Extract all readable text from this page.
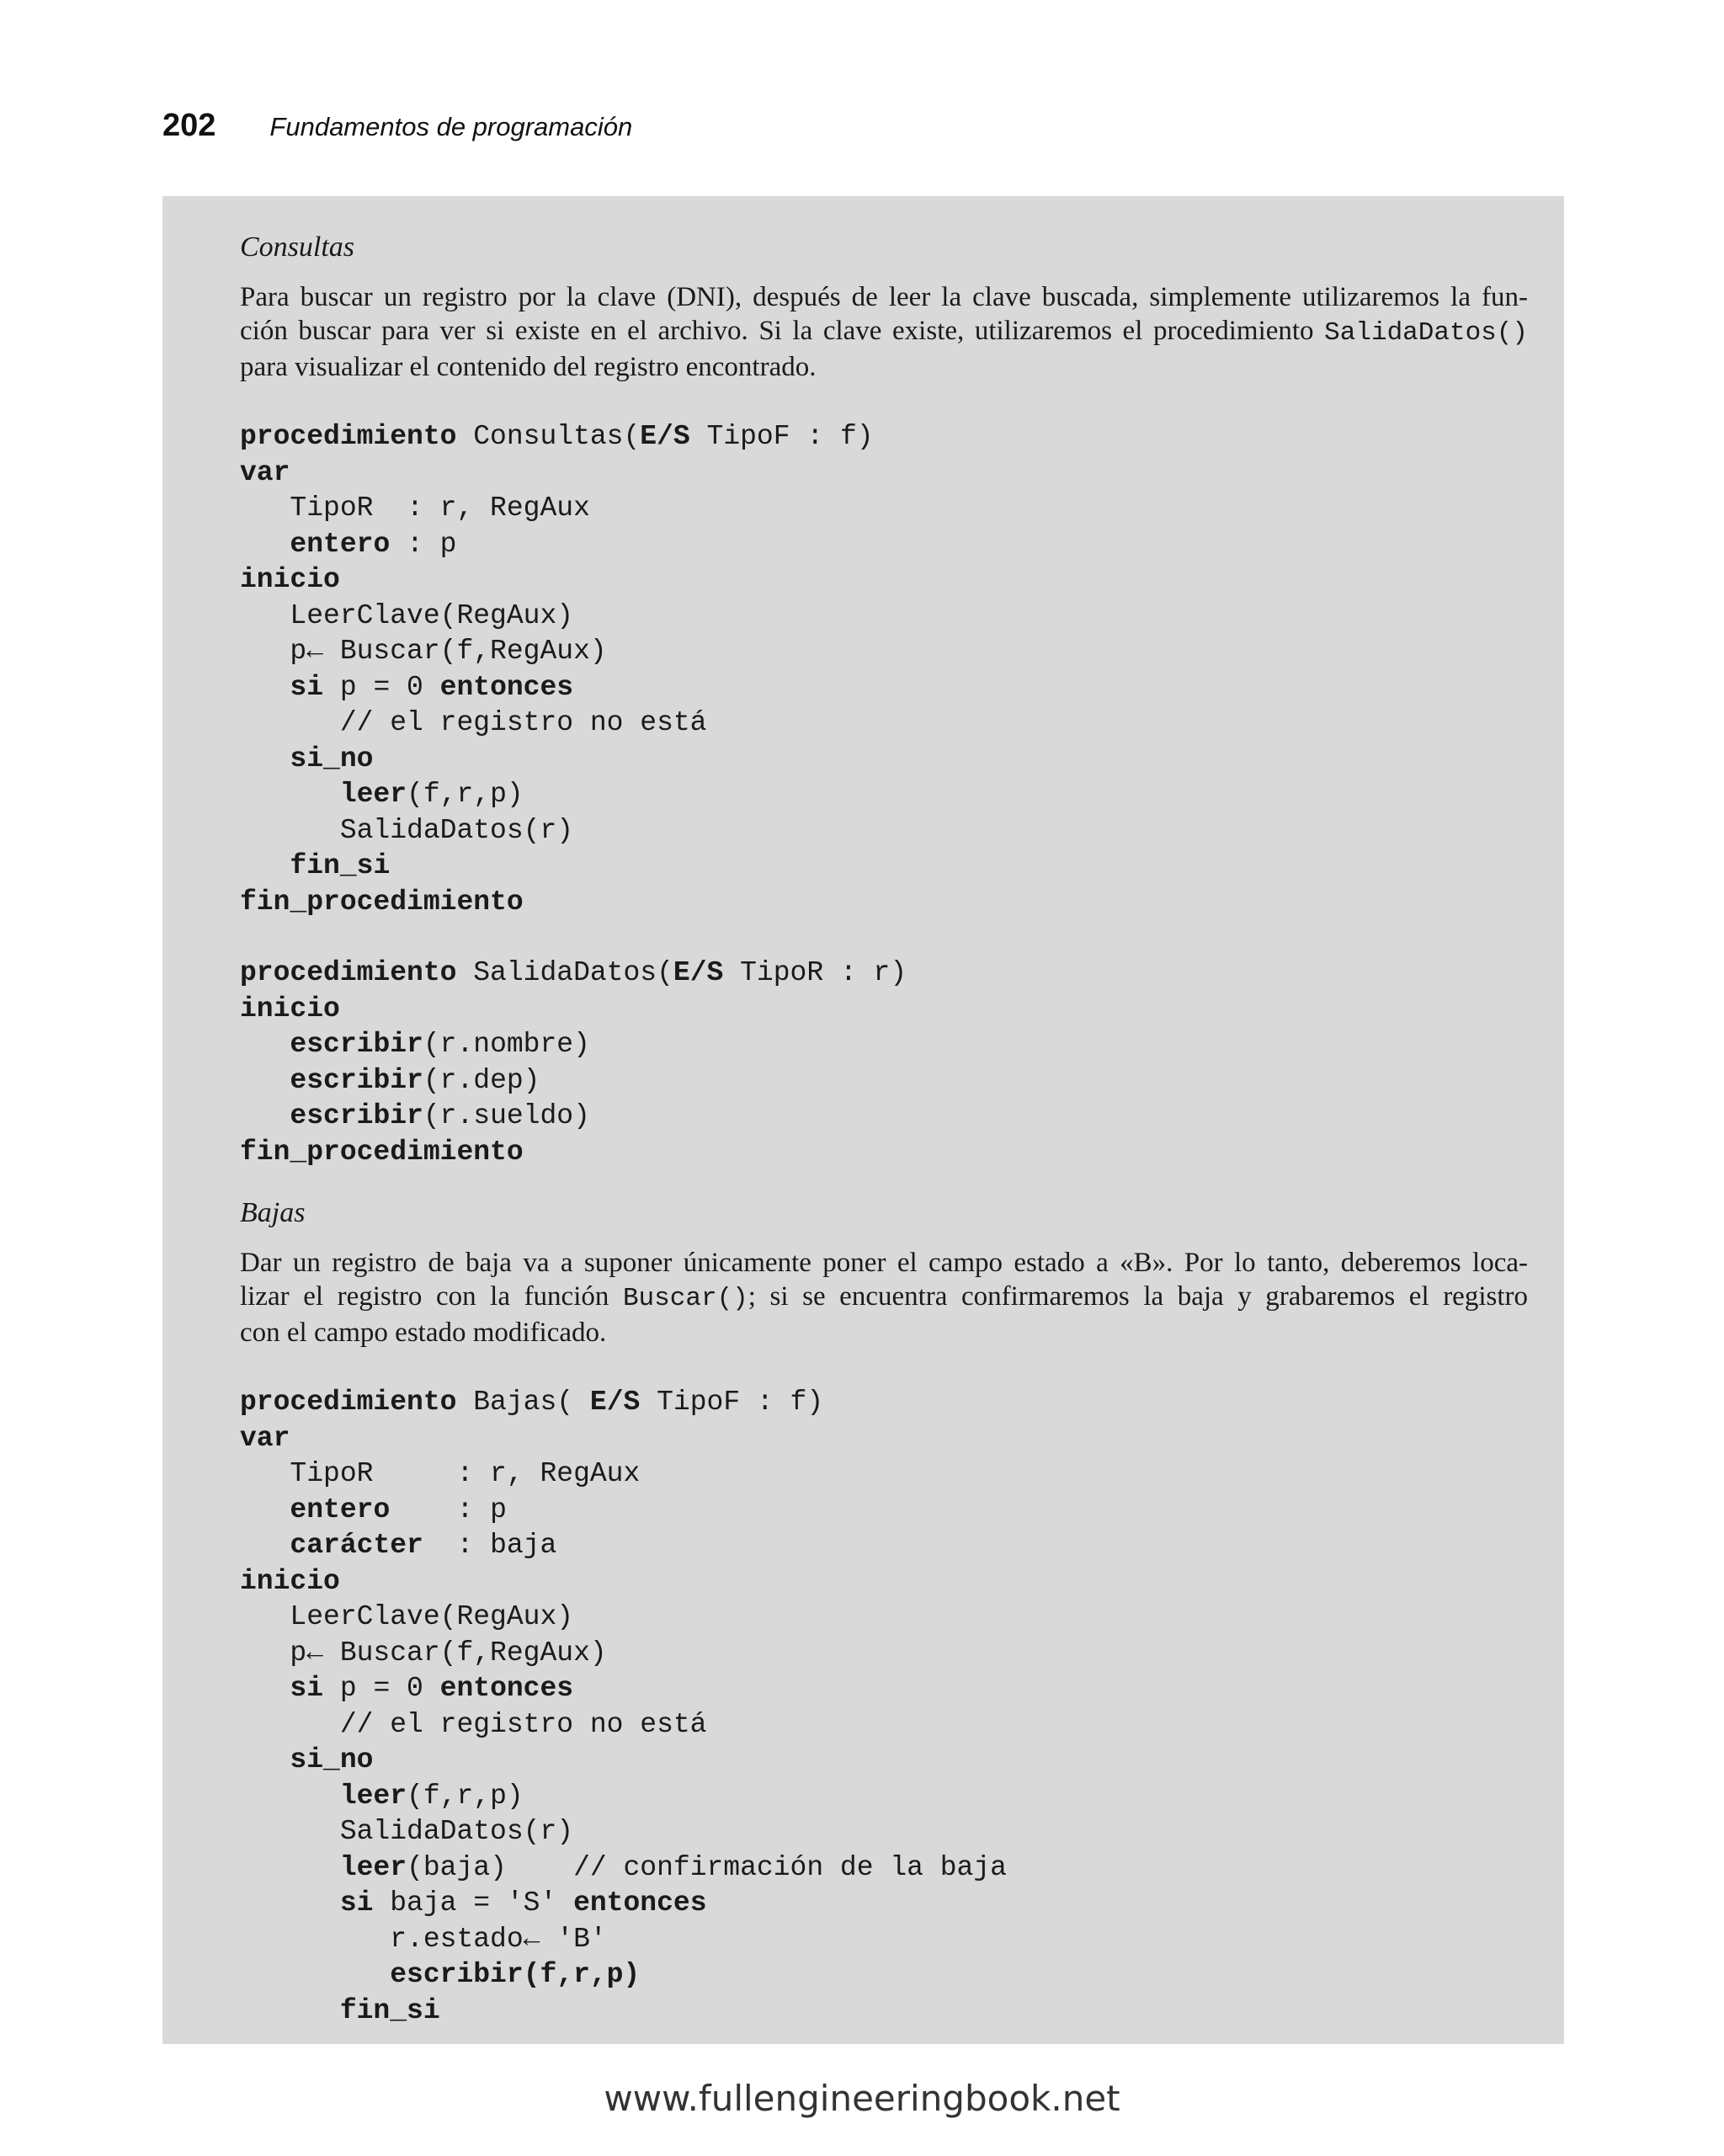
202 Fundamentos de programación
Consultas
Para buscar un registro por la clave (DNI), después de leer la clave buscada, simplemente utilizaremos la fun-
ción buscar para ver si existe en el archivo. Si la clave existe, utilizaremos el procedimiento SalidaDatos()
para visualizar el contenido del registro encontrado.
procedimiento Consultas(E/S TipoF : f)
var
TipoR  : r, RegAux
entero : p
inicio
LeerClave(RegAux)
p← Buscar(f,RegAux)
si p = 0 entonces
// el registro no está
si_no
leer(f,r,p)
SalidaDatos(r)
fin_si
fin_procedimiento
procedimiento SalidaDatos(E/S TipoR : r)
inicio
escribir(r.nombre)
escribir(r.dep)
escribir(r.sueldo)
fin_procedimiento
Bajas
Dar un registro de baja va a suponer únicamente poner el campo estado a «B». Por lo tanto, deberemos loca-
lizar el registro con la función Buscar(); si se encuentra confirmaremos la baja y grabaremos el registro
con el campo estado modificado.
procedimiento Bajas( E/S TipoF : f)
var
TipoR     : r, RegAux
entero    : p
carácter  : baja
inicio
LeerClave(RegAux)
p← Buscar(f,RegAux)
si p = 0 entonces
// el registro no está
si_no
leer(f,r,p)
SalidaDatos(r)
leer(baja)    // confirmación de la baja
si baja = 'S' entonces
r.estado← 'B'
escribir(f,r,p)
fin_si
www.fullengineeringbook.net
